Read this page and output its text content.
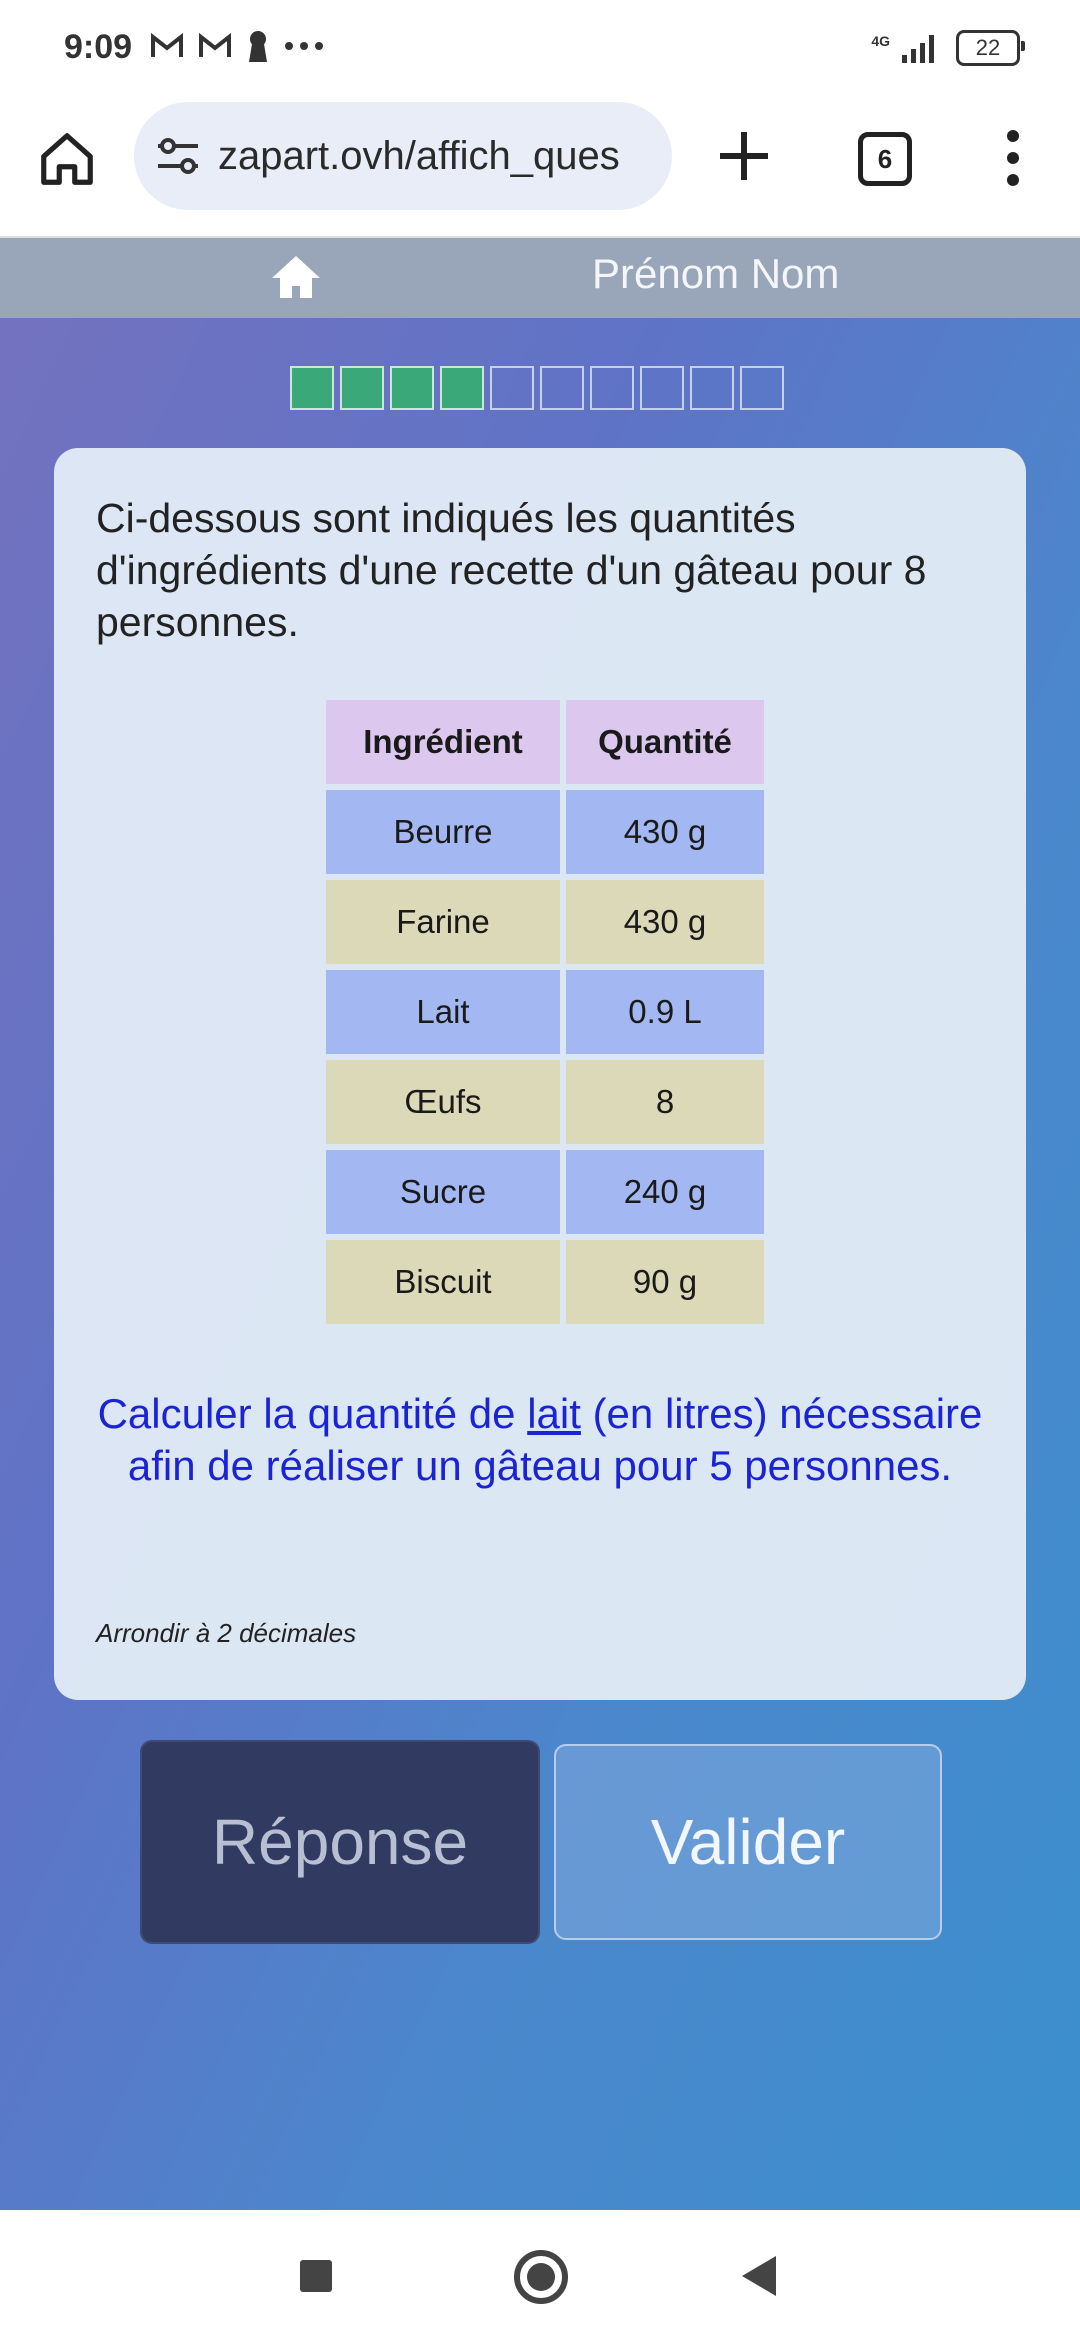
9:09	4G	22
zapart.ovh/affich_ques	6
Prénom Nom
Ci-dessous sont indiqués les quantités d'ingrédients d'une recette d'un gâteau pour 8 personnes.
Ingrédient	Quantité
Beurre	430 g
Farine	430 g
Lait	0.9 L
Œufs	8
Sucre	240 g
Biscuit	90 g
Calculer la quantité de lait (en litres) nécessaire afin de réaliser un gâteau pour 5 personnes.
Arrondir à 2 décimales
Réponse	Valider
